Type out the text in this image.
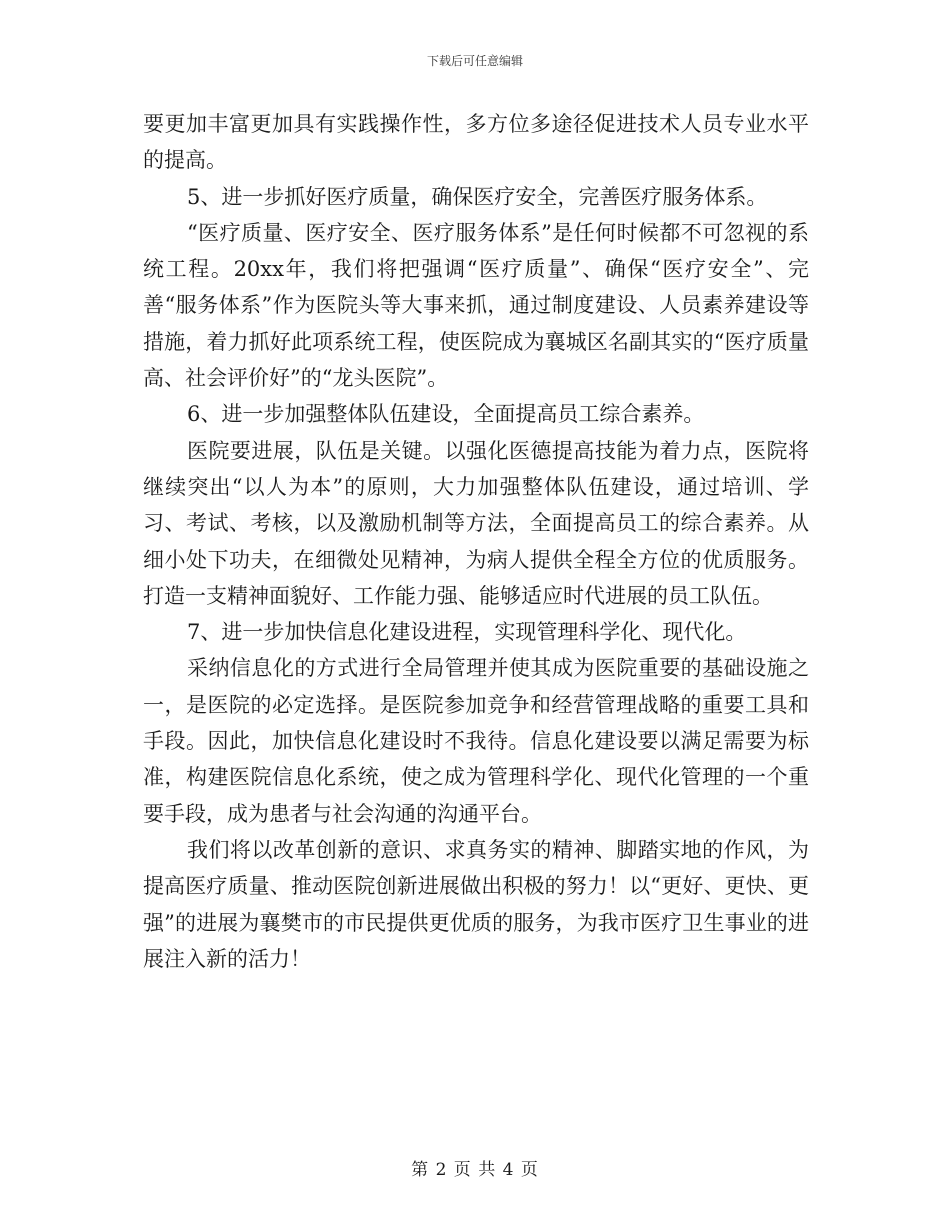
下载后可任意编辑

要更加丰富更加具有实践操作性，多方位多途径促进技术人员专业水平的提高。

5、进一步抓好医疗质量，确保医疗安全，完善医疗服务体系。

“医疗质量、医疗安全、医疗服务体系”是任何时候都不可忽视的系统工程。20xx年，我们将把强调“医疗质量”、确保“医疗安全”、完善“服务体系”作为医院头等大事来抓，通过制度建设、人员素养建设等措施，着力抓好此项系统工程，使医院成为襄城区名副其实的“医疗质量高、社会评价好”的“龙头医院”。

6、进一步加强整体队伍建设，全面提高员工综合素养。

医院要进展，队伍是关键。以强化医德提高技能为着力点，医院将继续突出“以人为本”的原则，大力加强整体队伍建设，通过培训、学习、考试、考核，以及激励机制等方法，全面提高员工的综合素养。从细小处下功夫，在细微处见精神，为病人提供全程全方位的优质服务。打造一支精神面貌好、工作能力强、能够适应时代进展的员工队伍。

7、进一步加快信息化建设进程，实现管理科学化、现代化。

采纳信息化的方式进行全局管理并使其成为医院重要的基础设施之一，是医院的必定选择。是医院参加竞争和经营管理战略的重要工具和手段。因此，加快信息化建设时不我待。信息化建设要以满足需要为标准，构建医院信息化系统，使之成为管理科学化、现代化管理的一个重要手段，成为患者与社会沟通的沟通平台。

我们将以改革创新的意识、求真务实的精神、脚踏实地的作风，为提高医疗质量、推动医院创新进展做出积极的努力！以“更好、更快、更强”的进展为襄樊市的市民提供更优质的服务，为我市医疗卫生事业的进展注入新的活力！

第 2 页 共 4 页
